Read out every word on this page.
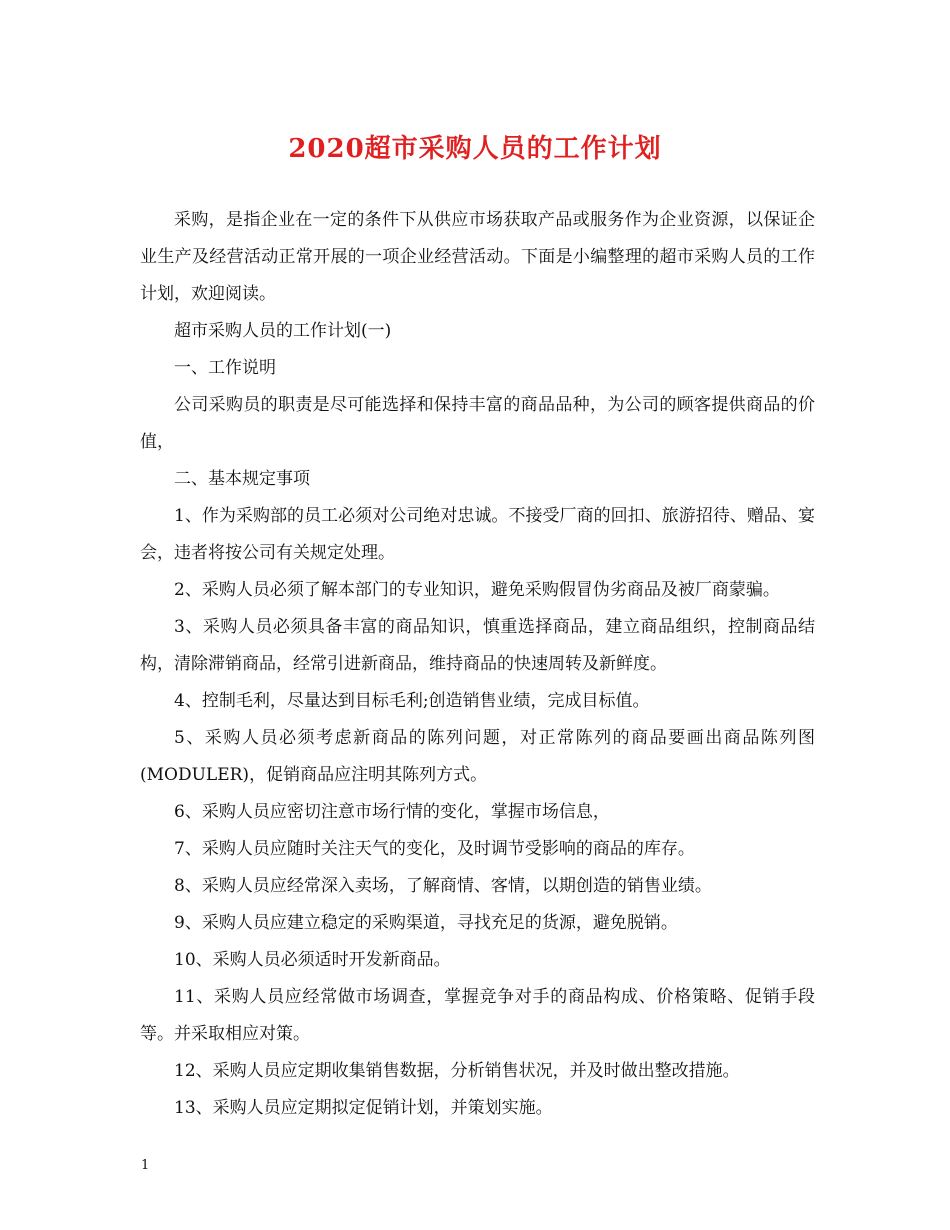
2020超市采购人员的工作计划

采购，是指企业在一定的条件下从供应市场获取产品或服务作为企业资源，以保证企业生产及经营活动正常开展的一项企业经营活动。下面是小编整理的超市采购人员的工作计划，欢迎阅读。

超市采购人员的工作计划(一)

一、工作说明

公司采购员的职责是尽可能选择和保持丰富的商品品种，为公司的顾客提供商品的价值，

二、基本规定事项

1、作为采购部的员工必须对公司绝对忠诚。不接受厂商的回扣、旅游招待、赠品、宴会，违者将按公司有关规定处理。

2、采购人员必须了解本部门的专业知识，避免采购假冒伪劣商品及被厂商蒙骗。

3、采购人员必须具备丰富的商品知识，慎重选择商品，建立商品组织，控制商品结构，清除滞销商品，经常引进新商品，维持商品的快速周转及新鲜度。

4、控制毛利，尽量达到目标毛利;创造销售业绩，完成目标值。

5、采购人员必须考虑新商品的陈列问题，对正常陈列的商品要画出商品陈列图(MODULER)，促销商品应注明其陈列方式。

6、采购人员应密切注意市场行情的变化，掌握市场信息，

7、采购人员应随时关注天气的变化，及时调节受影响的商品的库存。

8、采购人员应经常深入卖场，了解商情、客情，以期创造的销售业绩。

9、采购人员应建立稳定的采购渠道，寻找充足的货源，避免脱销。

10、采购人员必须适时开发新商品。

11、采购人员应经常做市场调查，掌握竞争对手的商品构成、价格策略、促销手段等。并采取相应对策。

12、采购人员应定期收集销售数据，分析销售状况，并及时做出整改措施。

13、采购人员应定期拟定促销计划，并策划实施。

1
